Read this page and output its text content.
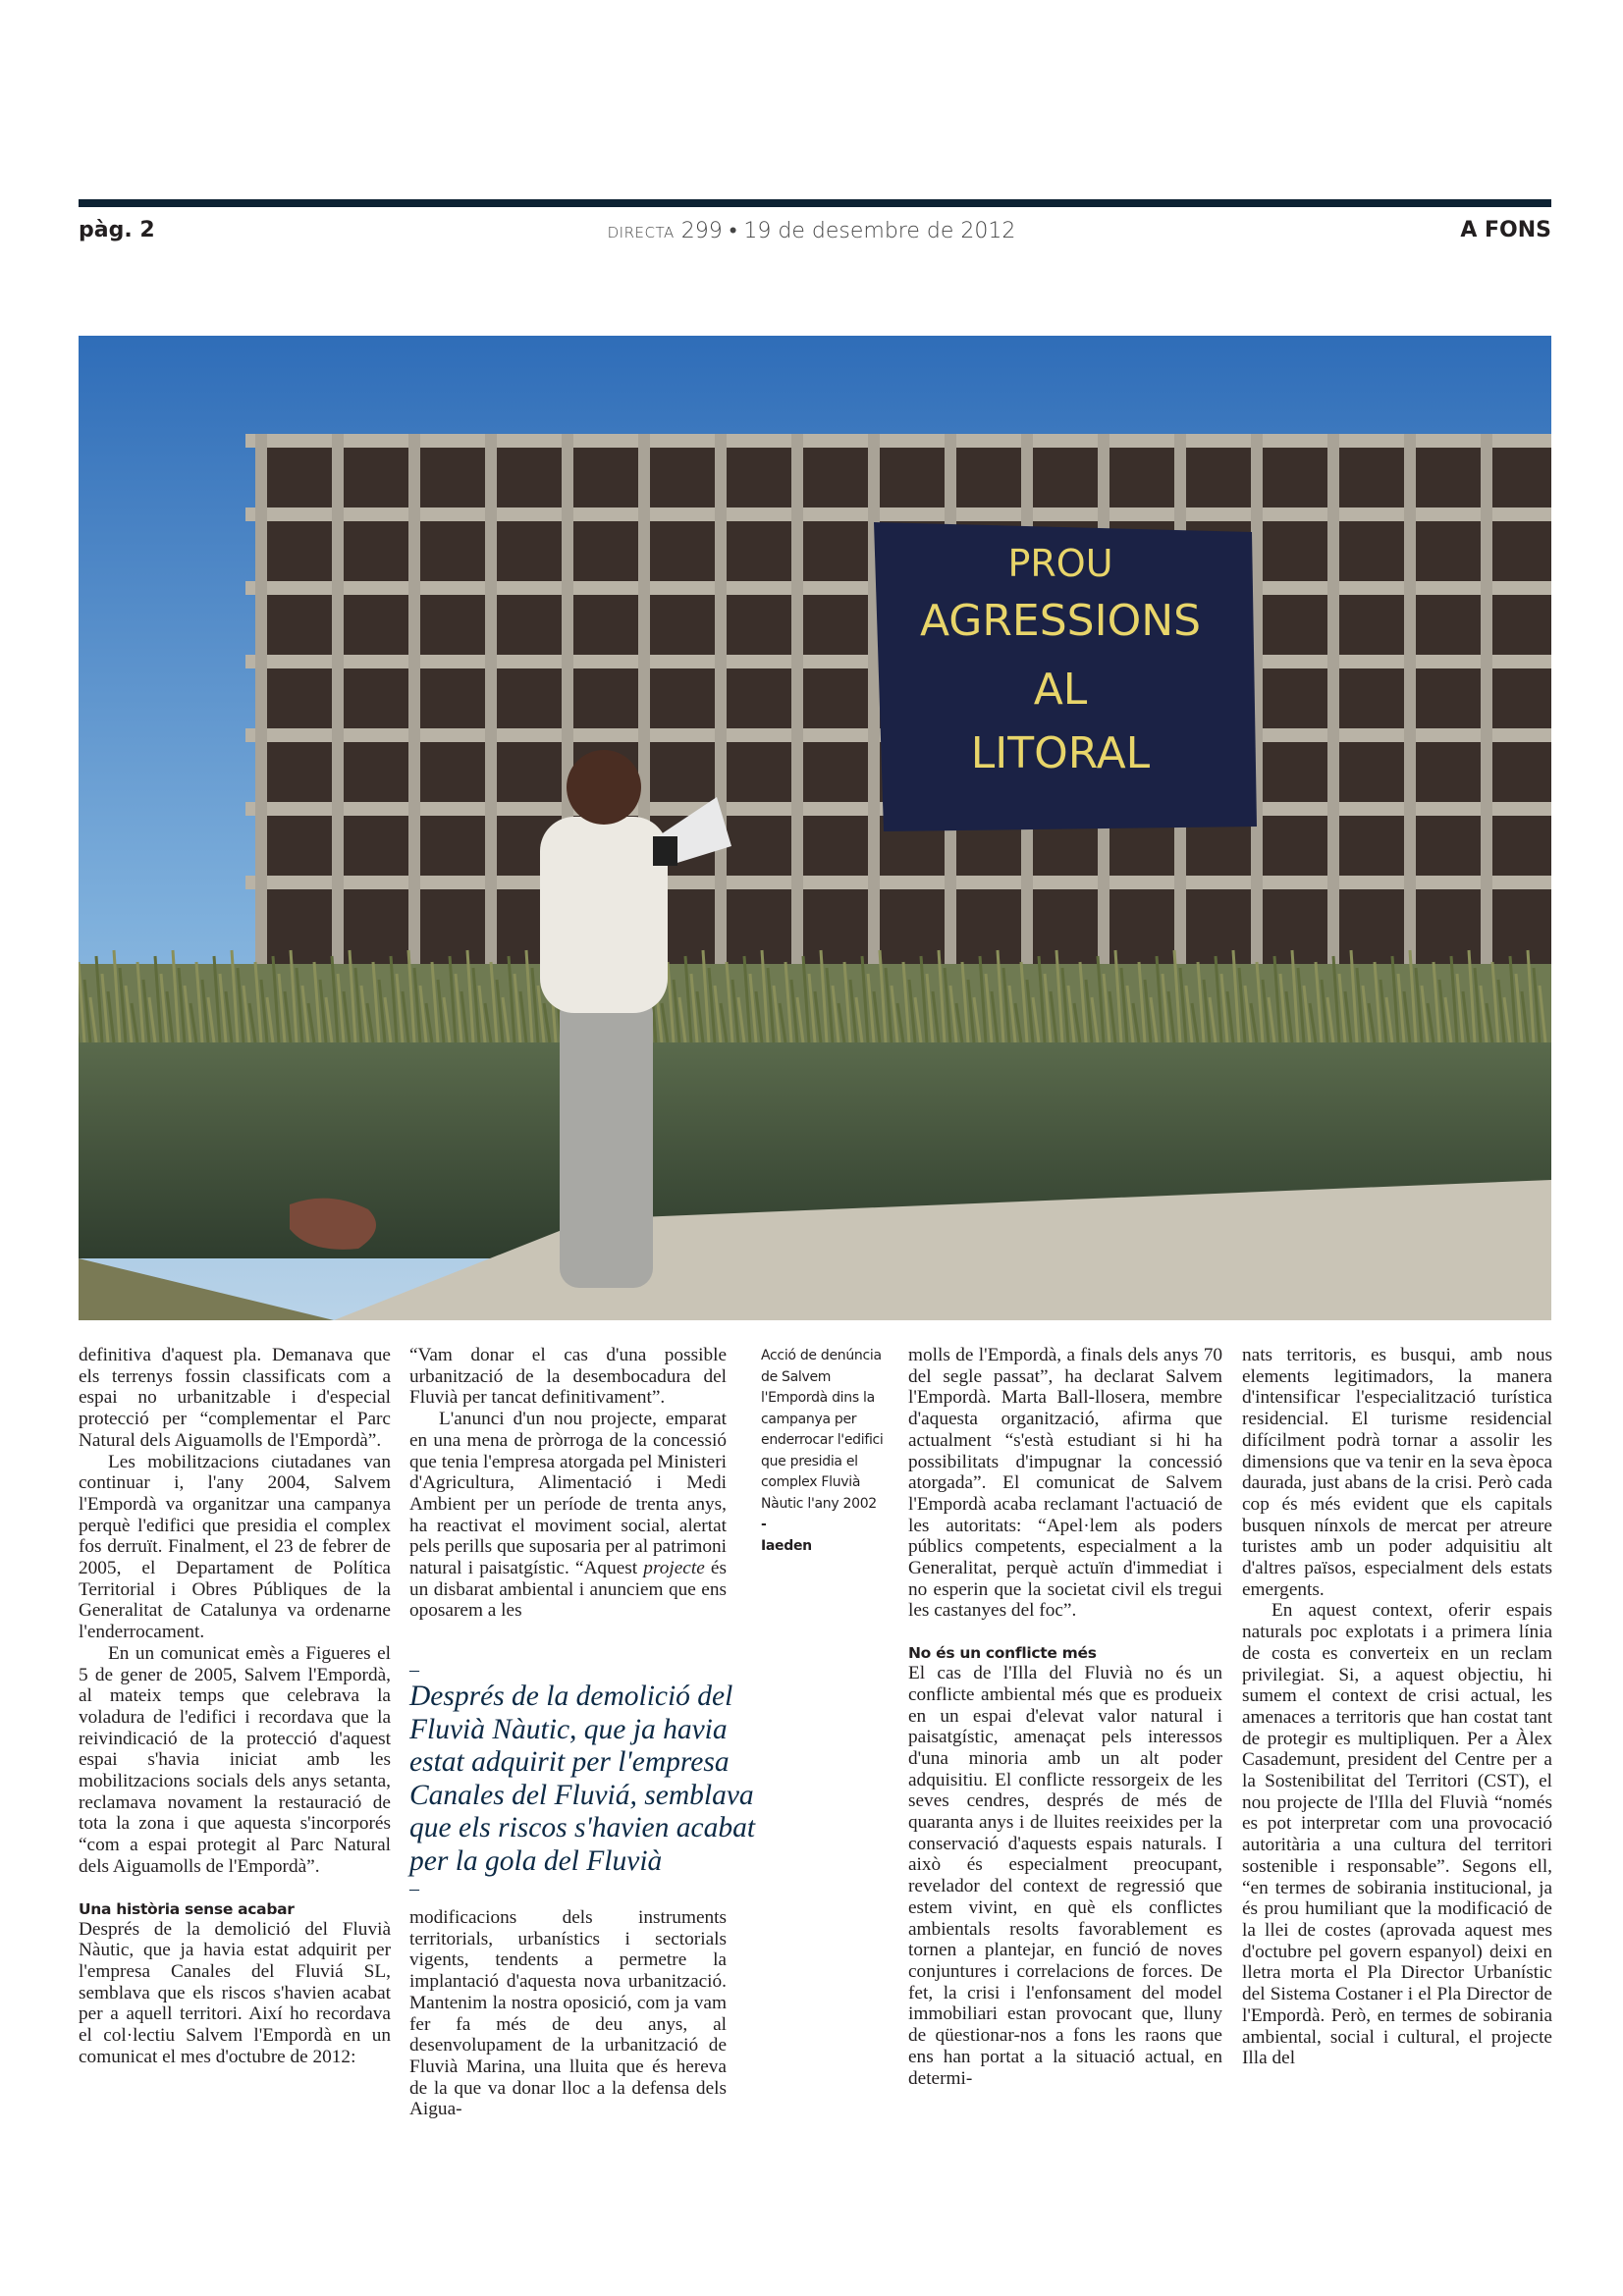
pàg. 2	DIRECTA 299 • 19 de desembre de 2012	A FONS
PROU
AGRESSIONS
AL
LITORAL

definitiva d'aquest pla. Demanava que els terrenys fossin classificats com a espai no urbanitzable i d'especial protecció per “complementar el Parc Natural dels Aiguamolls de l'Empordà”.

Les mobilitzacions ciutadanes van continuar i, l'any 2004, Salvem l'Empordà va organitzar una campanya perquè l'edifici que presidia el complex fos derruït. Finalment, el 23 de febrer de 2005, el Departament de Política Territorial i Obres Públiques de la Generalitat de Catalunya va ordenarne l'enderrocament.

En un comunicat emès a Figueres el 5 de gener de 2005, Salvem l'Empordà, al mateix temps que celebrava la voladura de l'edifici i recordava que la reivindicació de la protecció d'aquest espai s'havia iniciat amb les mobilitzacions socials dels anys setanta, reclamava novament la restauració de tota la zona i que aquesta s'incorporés “com a espai protegit al Parc Natural dels Aiguamolls de l'Empordà”.

Una història sense acabar

Després de la demolició del Fluvià Nàutic, que ja havia estat adquirit per l'empresa Canales del Fluviá SL, semblava que els riscos s'havien acabat per a aquell territori. Així ho recordava el col·lectiu Salvem l'Empordà en un comunicat el mes d'octubre de 2012:

“Vam donar el cas d'una possible urbanització de la desembocadura del Fluvià per tancat definitivament”.

L'anunci d'un nou projecte, emparat en una mena de pròrroga de la concessió que tenia l'empresa atorgada pel Ministeri d'Agricultura, Alimentació i Medi Ambient per un període de trenta anys, ha reactivat el moviment social, alertat pels perills que suposaria per al patrimoni natural i paisatgístic. “Aquest projecte és un disbarat ambiental i anunciem que ens oposarem a les

–
Després de la demolició del Fluvià Nàutic, que ja havia estat adquirit per l'empresa Canales del Fluviá, semblava que els riscos s'havien acabat per la gola del Fluvià
–

modificacions dels instruments territorials, urbanístics i sectorials vigents, tendents a permetre la implantació d'aquesta nova urbanització. Mantenim la nostra oposició, com ja vam fer fa més de deu anys, al desenvolupament de la urbanització de Fluvià Marina, una lluita que és hereva de la que va donar lloc a la defensa dels Aigua-

Acció de denúncia de Salvem l'Empordà dins la campanya per enderrocar l'edifici que presidia el complex Fluvià Nàutic l'any 2002
-
Iaeden

molls de l'Empordà, a finals dels anys 70 del segle passat”, ha declarat Salvem l'Empordà. Marta Ball-llosera, membre d'aquesta organització, afirma que actualment “s'està estudiant si hi ha possibilitats d'impugnar la concessió atorgada”. El comunicat de Salvem l'Empordà acaba reclamant l'actuació de les autoritats: “Apel·lem als poders públics competents, especialment a la Generalitat, perquè actuïn d'immediat i no esperin que la societat civil els tregui les castanyes del foc”.

No és un conflicte més

El cas de l'Illa del Fluvià no és un conflicte ambiental més que es produeix en un espai d'elevat valor natural i paisatgístic, amenaçat pels interessos d'una minoria amb un alt poder adquisitiu. El conflicte ressorgeix de les seves cendres, després de més de quaranta anys i de lluites reeixides per la conservació d'aquests espais naturals. I això és especialment preocupant, revelador del context de regressió que estem vivint, en què els conflictes ambientals resolts favorablement es tornen a plantejar, en funció de noves conjuntures i correlacions de forces. De fet, la crisi i l'enfonsament del model immobiliari estan provocant que, lluny de qüestionar-nos a fons les raons que ens han portat a la situació actual, en determi-

nats territoris, es busqui, amb nous elements legitimadors, la manera d'intensificar l'especialització turística residencial. El turisme residencial difícilment podrà tornar a assolir les dimensions que va tenir en la seva època daurada, just abans de la crisi. Però cada cop és més evident que els capitals busquen nínxols de mercat per atreure turistes amb un poder adquisitiu alt d'altres països, especialment dels estats emergents.

En aquest context, oferir espais naturals poc explotats i a primera línia de costa es converteix en un reclam privilegiat. Si, a aquest objectiu, hi sumem el context de crisi actual, les amenaces a territoris que han costat tant de protegir es multipliquen. Per a Àlex Casademunt, president del Centre per a la Sostenibilitat del Territori (CST), el nou projecte de l'Illa del Fluvià “només es pot interpretar com una provocació autoritària a una cultura del territori sostenible i responsable”. Segons ell, “en termes de sobirania institucional, ja és prou humiliant que la modificació de la llei de costes (aprovada aquest mes d'octubre pel govern espanyol) deixi en lletra morta el Pla Director Urbanístic del Sistema Costaner i el Pla Director de l'Empordà. Però, en termes de sobirania ambiental, social i cultural, el projecte Illa del
